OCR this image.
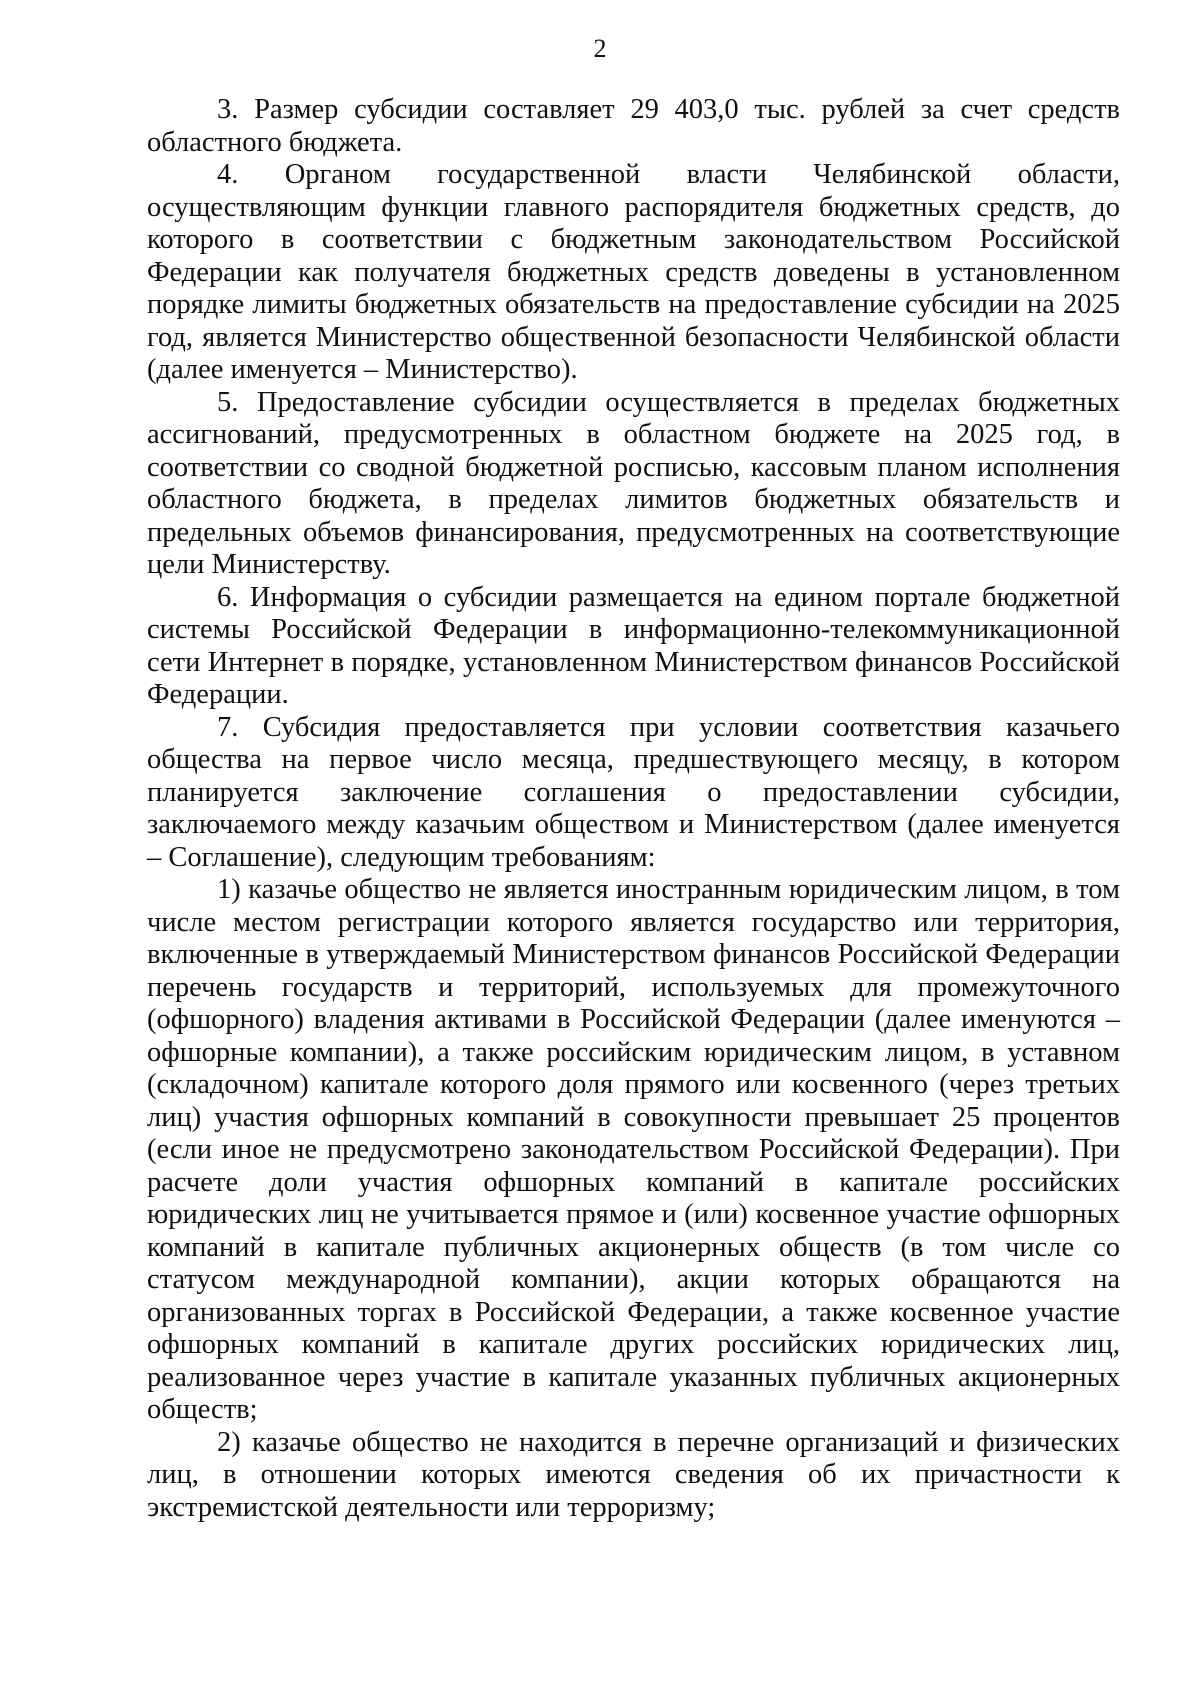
2

3. Размер субсидии составляет 29 403,0 тыс. рублей за счет средств областного бюджета.

4. Органом государственной власти Челябинской области, осуществляющим функции главного распорядителя бюджетных средств, до которого в соответствии с бюджетным законодательством Российской Федерации как получателя бюджетных средств доведены в установленном порядке лимиты бюджетных обязательств на предоставление субсидии на 2025 год, является Министерство общественной безопасности Челябинской области (далее именуется – Министерство).

5. Предоставление субсидии осуществляется в пределах бюджетных ассигнований, предусмотренных в областном бюджете на 2025 год, в соответствии со сводной бюджетной росписью, кассовым планом исполнения областного бюджета, в пределах лимитов бюджетных обязательств и предельных объемов финансирования, предусмотренных на соответствующие цели Министерству.

6. Информация о субсидии размещается на едином портале бюджетной системы Российской Федерации в информационно-телекоммуникационной сети Интернет в порядке, установленном Министерством финансов Российской Федерации.

7. Субсидия предоставляется при условии соответствия казачьего общества на первое число месяца, предшествующего месяцу, в котором планируется заключение соглашения о предоставлении субсидии, заключаемого между казачьим обществом и Министерством (далее именуется – Соглашение), следующим требованиям:

1) казачье общество не является иностранным юридическим лицом, в том числе местом регистрации которого является государство или территория, включенные в утверждаемый Министерством финансов Российской Федерации перечень государств и территорий, используемых для промежуточного (офшорного) владения активами в Российской Федерации (далее именуются – офшорные компании), а также российским юридическим лицом, в уставном (складочном) капитале которого доля прямого или косвенного (через третьих лиц) участия офшорных компаний в совокупности превышает 25 процентов (если иное не предусмотрено законодательством Российской Федерации). При расчете доли участия офшорных компаний в капитале российских юридических лиц не учитывается прямое и (или) косвенное участие офшорных компаний в капитале публичных акционерных обществ (в том числе со статусом международной компании), акции которых обращаются на организованных торгах в Российской Федерации, а также косвенное участие офшорных компаний в капитале других российских юридических лиц, реализованное через участие в капитале указанных публичных акционерных обществ;

2) казачье общество не находится в перечне организаций и физических лиц, в отношении которых имеются сведения об их причастности к экстремистской деятельности или терроризму;
